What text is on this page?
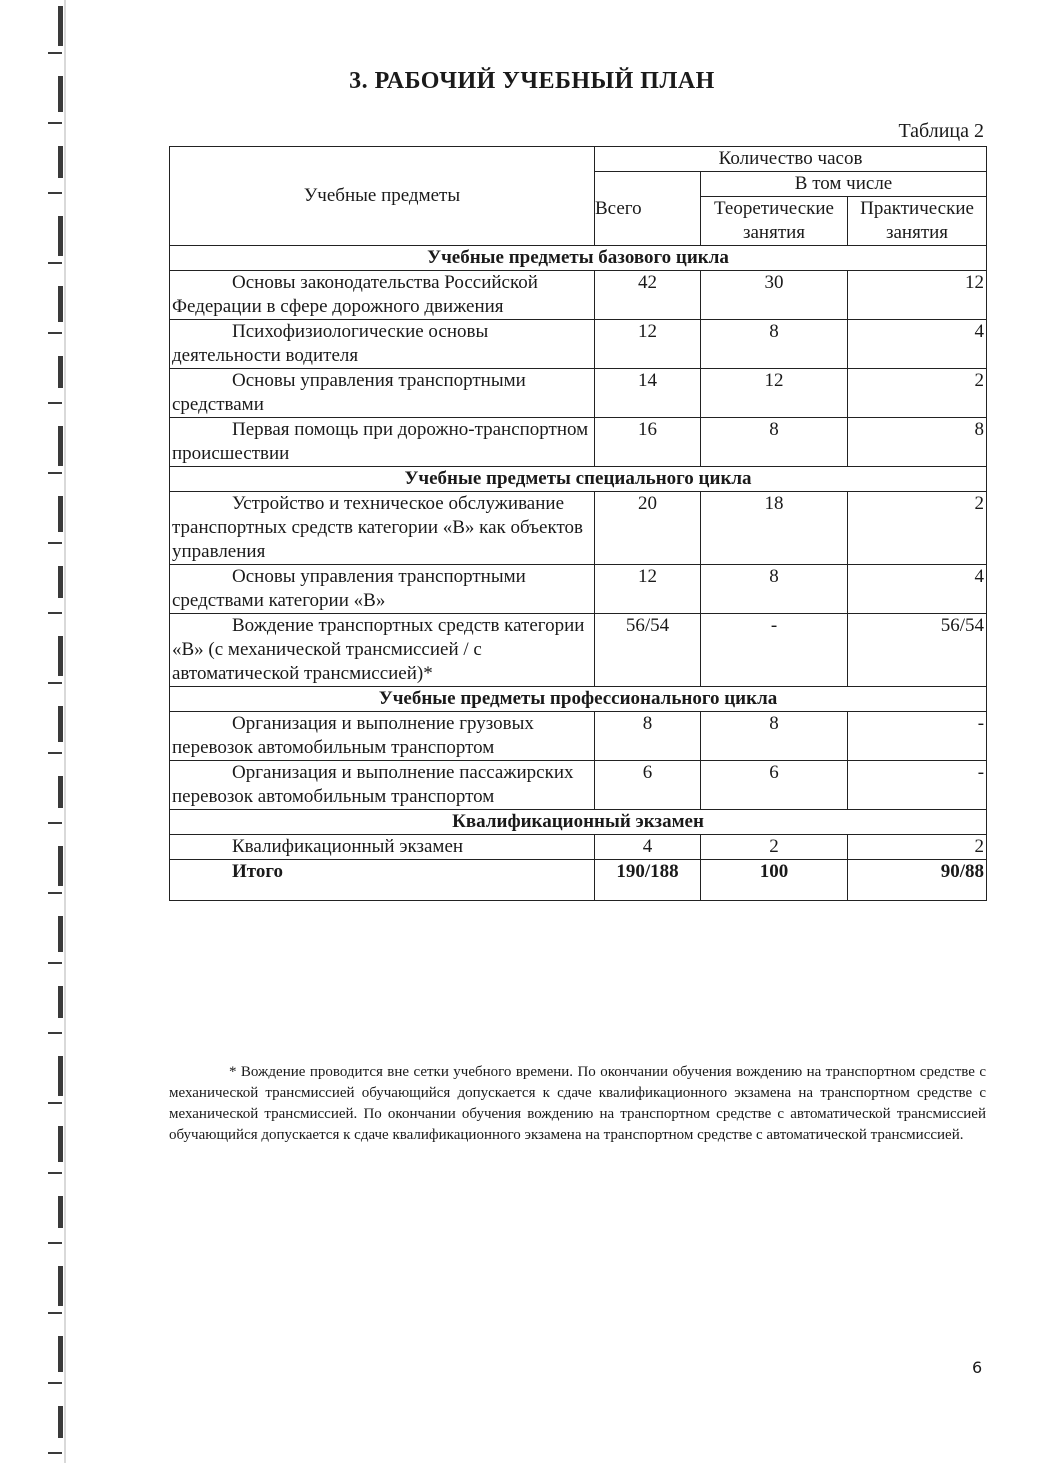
3. РАБОЧИЙ УЧЕБНЫЙ ПЛАН
Таблица 2
Учебные предметы	Количество часов		
	Всего	В том числе	
		Теоретические занятия	Практические занятия
Учебные предметы базового цикла			
Основы законодательства Российской Федерации в сфере дорожного движения	42	30	12
Психофизиологические основы деятельности водителя	12	8	4
Основы управления транспортными средствами	14	12	2
Первая помощь при дорожно-транспортном происшествии	16	8	8
Учебные предметы специального цикла			
Устройство и техническое обслуживание транспортных средств категории «В» как объектов управления	20	18	2
Основы управления транспортными средствами категории «В»	12	8	4
Вождение транспортных средств категории «В» (с механической трансмиссией / с автоматической трансмиссией)*	56/54	-	56/54
Учебные предметы профессионального цикла			
Организация и выполнение грузовых перевозок автомобильным транспортом	8	8	-
Организация и выполнение пассажирских перевозок автомобильным транспортом	6	6	-
Квалификационный экзамен			
Квалификационный экзамен	4	2	2
Итого	190/188	100	90/88

* Вождение проводится вне сетки учебного времени. По окончании обучения вождению на транспортном средстве с механической трансмиссией обучающийся допускается к сдаче квалификационного экзамена на транспортном средстве с механической трансмиссией. По окончании обучения вождению на транспортном средстве с автоматической трансмиссией обучающийся допускается к сдаче квалификационного экзамена на транспортном средстве с автоматической трансмиссией.

6
